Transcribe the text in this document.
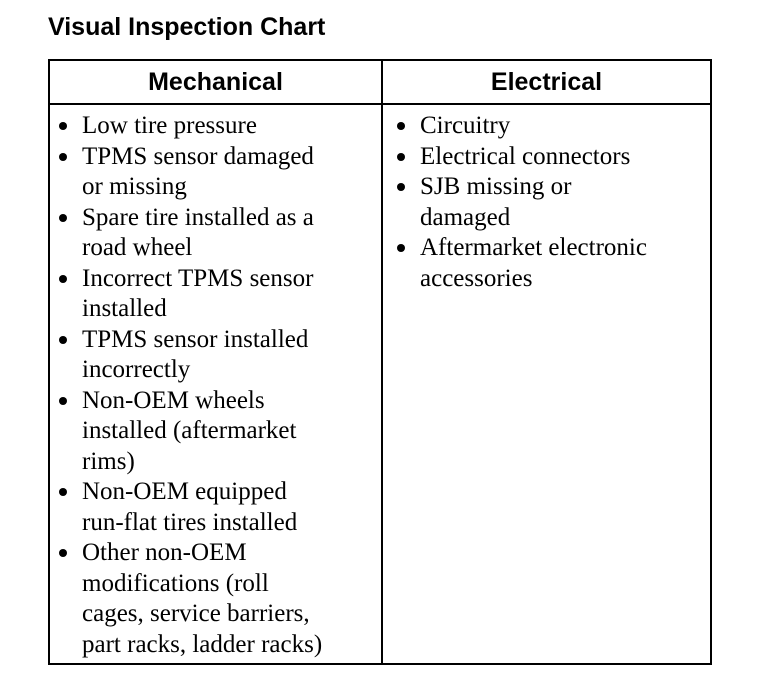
Visual Inspection Chart
Mechanical	Electrical
Low tire pressure
TPMS sensor damaged
or missing
Spare tire installed as a
road wheel
Incorrect TPMS sensor
installed
TPMS sensor installed
incorrectly
Non-OEM wheels
installed (aftermarket
rims)
Non-OEM equipped
run-flat tires installed
Other non-OEM
modifications (roll
cages, service barriers,
part racks, ladder racks)
Circuitry
Electrical connectors
SJB missing or
damaged
Aftermarket electronic
accessories
